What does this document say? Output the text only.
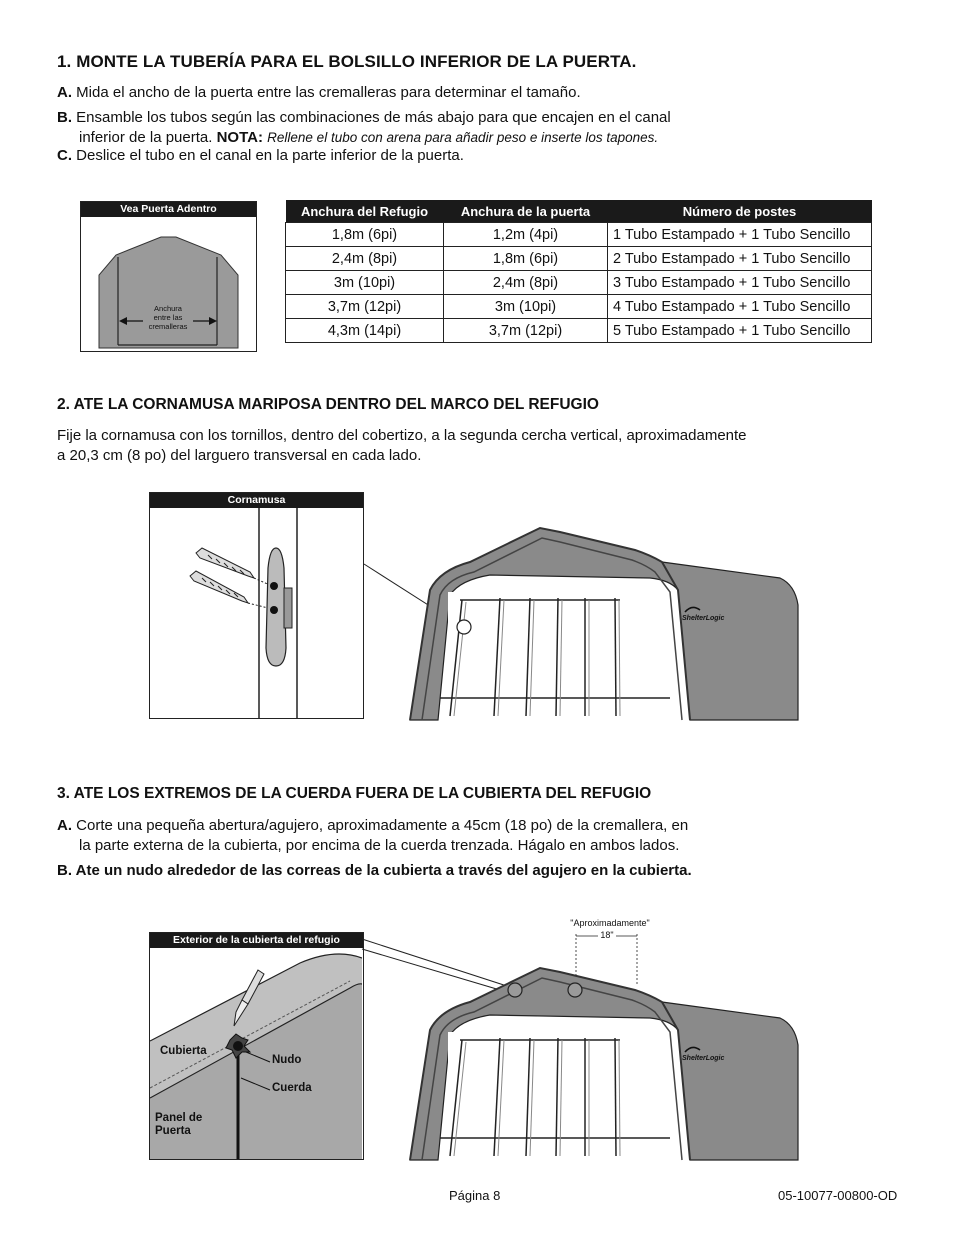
1. MONTE LA TUBERÍA PARA EL BOLSILLO INFERIOR DE LA PUERTA.
A. Mida el ancho de la puerta entre las cremalleras para determinar el tamaño.
B. Ensamble los tubos según las combinaciones de más abajo para que encajen en el canal
inferior de la puerta. NOTA: Rellene el tubo con arena para añadir peso e inserte los tapones.
C. Deslice el tubo en el canal en la parte inferior de la puerta.
Vea Puerta Adentro
Anchura
entre las
cremalleras
Anchura del Refugio	Anchura de la puerta	Número de postes
1,8m (6pi)	1,2m (4pi)	1 Tubo Estampado + 1 Tubo Sencillo
2,4m (8pi)	1,8m (6pi)	2 Tubo Estampado + 1 Tubo Sencillo
3m (10pi)	2,4m (8pi)	3 Tubo Estampado + 1 Tubo Sencillo
3,7m (12pi)	3m (10pi)	4 Tubo Estampado + 1 Tubo Sencillo
4,3m (14pi)	3,7m (12pi)	5 Tubo Estampado + 1 Tubo Sencillo
2. ATE LA CORNAMUSA MARIPOSA DENTRO DEL MARCO DEL REFUGIO
Fije la cornamusa con los tornillos, dentro del cobertizo, a la segunda cercha vertical, aproximadamente
a 20,3 cm (8 po) del larguero transversal en cada lado.
Cornamusa
ShelterLogic
3. ATE LOS EXTREMOS DE LA CUERDA FUERA DE LA CUBIERTA DEL REFUGIO
A. Corte una pequeña abertura/agujero, aproximadamente a 45cm (18 po) de la cremallera, en
la parte externa de la cubierta, por encima de la cuerda trenzada. Hágalo en ambos lados.
B. Ate un nudo alrededor de las correas de la cubierta a través del agujero en la cubierta.
Exterior de la cubierta del refugio
Cubierta
Nudo
Cuerda
Panel de
Puerta
"Aproximadamente"
18"
ShelterLogic
Página 8	05-10077-00800-OD
